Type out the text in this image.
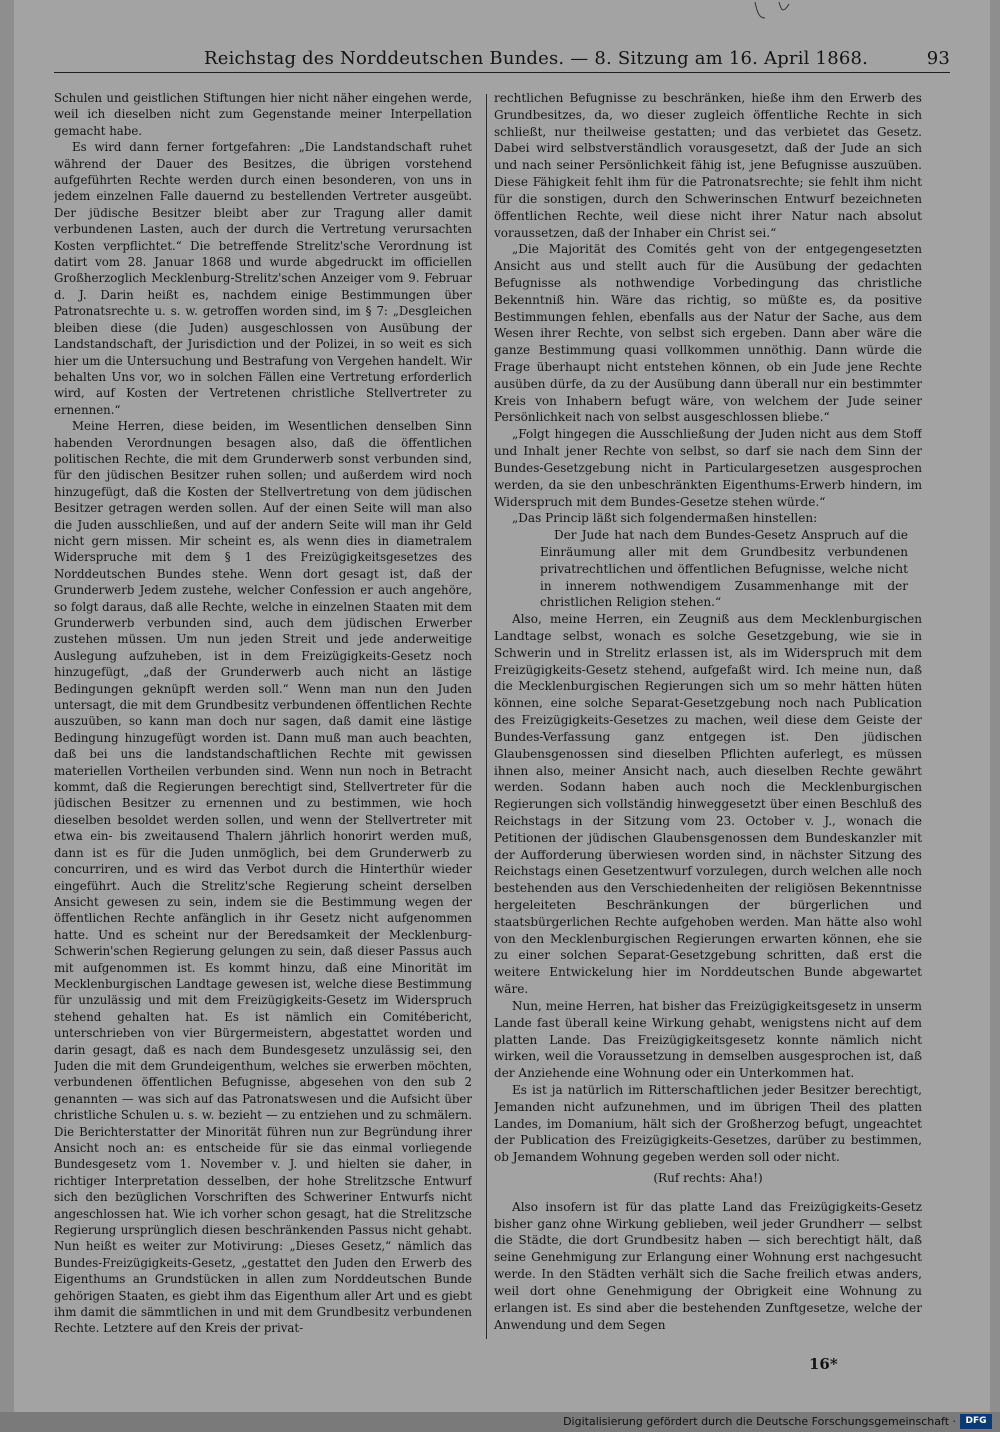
Reichstag des Norddeutschen Bundes. — 8. Sitzung am 16. April 1868.	93

Schulen und geistlichen Stiftungen hier nicht näher eingehen werde, weil ich dieselben nicht zum Gegenstande meiner Interpellation gemacht habe.

Es wird dann ferner fortgefahren: „Die Landstandschaft ruhet während der Dauer des Besitzes, die übrigen vorstehend aufgeführten Rechte werden durch einen besonderen, von uns in jedem einzelnen Falle dauernd zu bestellenden Vertreter ausgeübt. Der jüdische Besitzer bleibt aber zur Tragung aller damit verbundenen Lasten, auch der durch die Vertretung verursachten Kosten verpflichtet.“ Die betreffende Strelitz'sche Verordnung ist datirt vom 28. Januar 1868 und wurde abgedruckt im officiellen Großherzoglich Mecklenburg-Strelitz'schen Anzeiger vom 9. Februar d. J. Darin heißt es, nachdem einige Bestimmungen über Patronatsrechte u. s. w. getroffen worden sind, im § 7: „Desgleichen bleiben diese (die Juden) ausgeschlossen von Ausübung der Landstandschaft, der Jurisdiction und der Polizei, in so weit es sich hier um die Untersuchung und Bestrafung von Vergehen handelt. Wir behalten Uns vor, wo in solchen Fällen eine Vertretung erforderlich wird, auf Kosten der Vertretenen christliche Stellvertreter zu ernennen.“

Meine Herren, diese beiden, im Wesentlichen denselben Sinn habenden Verordnungen besagen also, daß die öffentlichen politischen Rechte, die mit dem Grunderwerb sonst verbunden sind, für den jüdischen Besitzer ruhen sollen; und außerdem wird noch hinzugefügt, daß die Kosten der Stellvertretung von dem jüdischen Besitzer getragen werden sollen. Auf der einen Seite will man also die Juden ausschließen, und auf der andern Seite will man ihr Geld nicht gern missen. Mir scheint es, als wenn dies in diametralem Widerspruche mit dem § 1 des Freizügigkeitsgesetzes des Norddeutschen Bundes stehe. Wenn dort gesagt ist, daß der Grunderwerb Jedem zustehe, welcher Confession er auch angehöre, so folgt daraus, daß alle Rechte, welche in einzelnen Staaten mit dem Grunderwerb verbunden sind, auch dem jüdischen Erwerber zustehen müssen. Um nun jeden Streit und jede anderweitige Auslegung aufzuheben, ist in dem Freizügigkeits-Gesetz noch hinzugefügt, „daß der Grunderwerb auch nicht an lästige Bedingungen geknüpft werden soll.“ Wenn man nun den Juden untersagt, die mit dem Grundbesitz verbundenen öffentlichen Rechte auszuüben, so kann man doch nur sagen, daß damit eine lästige Bedingung hinzugefügt worden ist. Dann muß man auch beachten, daß bei uns die landstandschaftlichen Rechte mit gewissen materiellen Vortheilen verbunden sind. Wenn nun noch in Betracht kommt, daß die Regierungen berechtigt sind, Stellvertreter für die jüdischen Besitzer zu ernennen und zu bestimmen, wie hoch dieselben besoldet werden sollen, und wenn der Stellvertreter mit etwa ein- bis zweitausend Thalern jährlich honorirt werden muß, dann ist es für die Juden unmöglich, bei dem Grunderwerb zu concurriren, und es wird das Verbot durch die Hinterthür wieder eingeführt. Auch die Strelitz'sche Regierung scheint derselben Ansicht gewesen zu sein, indem sie die Bestimmung wegen der öffentlichen Rechte anfänglich in ihr Gesetz nicht aufgenommen hatte. Und es scheint nur der Beredsamkeit der Mecklenburg-Schwerin'schen Regierung gelungen zu sein, daß dieser Passus auch mit aufgenommen ist. Es kommt hinzu, daß eine Minorität im Mecklenburgischen Landtage gewesen ist, welche diese Bestimmung für unzulässig und mit dem Freizügigkeits-Gesetz im Widerspruch stehend gehalten hat. Es ist nämlich ein Comitébericht, unterschrieben von vier Bürgermeistern, abgestattet worden und darin gesagt, daß es nach dem Bundesgesetz unzulässig sei, den Juden die mit dem Grundeigenthum, welches sie erwerben möchten, verbundenen öffentlichen Befugnisse, abgesehen von den sub 2 genannten — was sich auf das Patronatswesen und die Aufsicht über christliche Schulen u. s. w. bezieht — zu entziehen und zu schmälern. Die Berichterstatter der Minorität führen nun zur Begründung ihrer Ansicht noch an: es entscheide für sie das einmal vorliegende Bundesgesetz vom 1. November v. J. und hielten sie daher, in richtiger Interpretation desselben, der hohe Strelitzsche Entwurf sich den bezüglichen Vorschriften des Schweriner Entwurfs nicht angeschlossen hat. Wie ich vorher schon gesagt, hat die Strelitzsche Regierung ursprünglich diesen beschränkenden Passus nicht gehabt. Nun heißt es weiter zur Motivirung: „Dieses Gesetz,“ nämlich das Bundes-Freizügigkeits-Gesetz, „gestattet den Juden den Erwerb des Eigenthums an Grundstücken in allen zum Norddeutschen Bunde gehörigen Staaten, es giebt ihm das Eigenthum aller Art und es giebt ihm damit die sämmtlichen in und mit dem Grundbesitz verbundenen Rechte. Letztere auf den Kreis der privat-

rechtlichen Befugnisse zu beschränken, hieße ihm den Erwerb des Grundbesitzes, da, wo dieser zugleich öffentliche Rechte in sich schließt, nur theilweise gestatten; und das verbietet das Gesetz. Dabei wird selbstverständlich vorausgesetzt, daß der Jude an sich und nach seiner Persönlichkeit fähig ist, jene Befugnisse auszuüben. Diese Fähigkeit fehlt ihm für die Patronatsrechte; sie fehlt ihm nicht für die sonstigen, durch den Schwerinschen Entwurf bezeichneten öffentlichen Rechte, weil diese nicht ihrer Natur nach absolut voraussetzen, daß der Inhaber ein Christ sei.“

„Die Majorität des Comités geht von der entgegengesetzten Ansicht aus und stellt auch für die Ausübung der gedachten Befugnisse als nothwendige Vorbedingung das christliche Bekenntniß hin. Wäre das richtig, so müßte es, da positive Bestimmungen fehlen, ebenfalls aus der Natur der Sache, aus dem Wesen ihrer Rechte, von selbst sich ergeben. Dann aber wäre die ganze Bestimmung quasi vollkommen unnöthig. Dann würde die Frage überhaupt nicht entstehen können, ob ein Jude jene Rechte ausüben dürfe, da zu der Ausübung dann überall nur ein bestimmter Kreis von Inhabern befugt wäre, von welchem der Jude seiner Persönlichkeit nach von selbst ausgeschlossen bliebe.“

„Folgt hingegen die Ausschließung der Juden nicht aus dem Stoff und Inhalt jener Rechte von selbst, so darf sie nach dem Sinn der Bundes-Gesetzgebung nicht in Particulargesetzen ausgesprochen werden, da sie den unbeschränkten Eigenthums-Erwerb hindern, im Widerspruch mit dem Bundes-Gesetze stehen würde.“

„Das Princip läßt sich folgendermaßen hinstellen:

Der Jude hat nach dem Bundes-Gesetz Anspruch auf die Einräumung aller mit dem Grundbesitz verbundenen privatrechtlichen und öffentlichen Befugnisse, welche nicht in innerem nothwendigem Zusammenhange mit der christlichen Religion stehen.“

Also, meine Herren, ein Zeugniß aus dem Mecklenburgischen Landtage selbst, wonach es solche Gesetzgebung, wie sie in Schwerin und in Strelitz erlassen ist, als im Widerspruch mit dem Freizügigkeits-Gesetz stehend, aufgefaßt wird. Ich meine nun, daß die Mecklenburgischen Regierungen sich um so mehr hätten hüten können, eine solche Separat-Gesetzgebung noch nach Publication des Freizügigkeits-Gesetzes zu machen, weil diese dem Geiste der Bundes-Verfassung ganz entgegen ist. Den jüdischen Glaubensgenossen sind dieselben Pflichten auferlegt, es müssen ihnen also, meiner Ansicht nach, auch dieselben Rechte gewährt werden. Sodann haben auch noch die Mecklenburgischen Regierungen sich vollständig hinweggesetzt über einen Beschluß des Reichstags in der Sitzung vom 23. October v. J., wonach die Petitionen der jüdischen Glaubensgenossen dem Bundeskanzler mit der Aufforderung überwiesen worden sind, in nächster Sitzung des Reichstags einen Gesetzentwurf vorzulegen, durch welchen alle noch bestehenden aus den Verschiedenheiten der religiösen Bekenntnisse hergeleiteten Beschränkungen der bürgerlichen und staatsbürgerlichen Rechte aufgehoben werden. Man hätte also wohl von den Mecklenburgischen Regierungen erwarten können, ehe sie zu einer solchen Separat-Gesetzgebung schritten, daß erst die weitere Entwickelung hier im Norddeutschen Bunde abgewartet wäre.

Nun, meine Herren, hat bisher das Freizügigkeitsgesetz in unserm Lande fast überall keine Wirkung gehabt, wenigstens nicht auf dem platten Lande. Das Freizügigkeitsgesetz konnte nämlich nicht wirken, weil die Voraussetzung in demselben ausgesprochen ist, daß der Anziehende eine Wohnung oder ein Unterkommen hat.

Es ist ja natürlich im Ritterschaftlichen jeder Besitzer berechtigt, Jemanden nicht aufzunehmen, und im übrigen Theil des platten Landes, im Domanium, hält sich der Großherzog befugt, ungeachtet der Publication des Freizügigkeits-Gesetzes, darüber zu bestimmen, ob Jemandem Wohnung gegeben werden soll oder nicht.

(Ruf rechts: Aha!)

Also insofern ist für das platte Land das Freizügigkeits-Gesetz bisher ganz ohne Wirkung geblieben, weil jeder Grundherr — selbst die Städte, die dort Grundbesitz haben — sich berechtigt hält, daß seine Genehmigung zur Erlangung einer Wohnung erst nachgesucht werde. In den Städten verhält sich die Sache freilich etwas anders, weil dort ohne Genehmigung der Obrigkeit eine Wohnung zu erlangen ist. Es sind aber die bestehenden Zunftgesetze, welche der Anwendung und dem Segen

16*
Digitalisierung gefördert durch die Deutsche Forschungsgemeinschaft ·	DFG
